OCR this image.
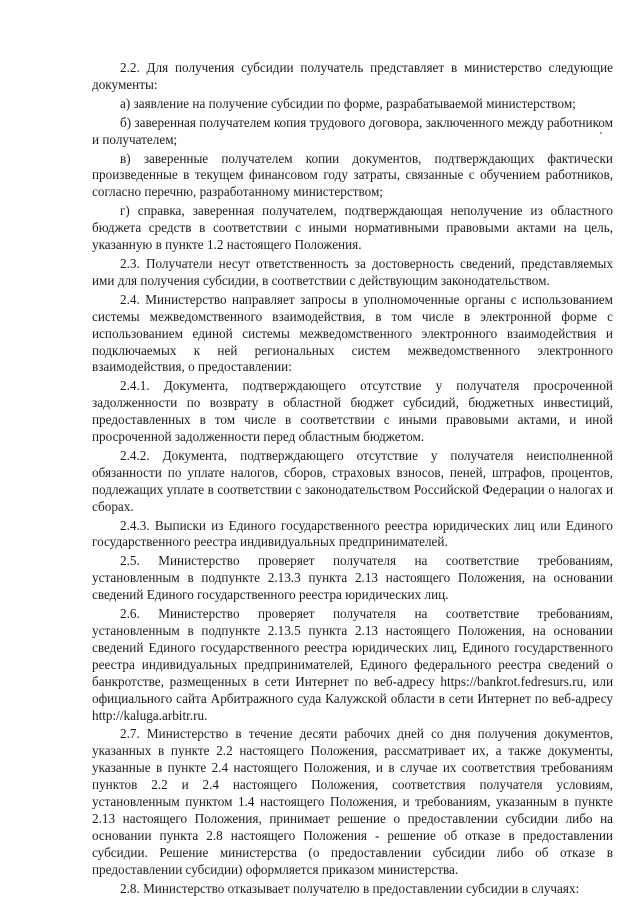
2.2. Для получения субсидии получатель представляет в министерство следующие документы:

а) заявление на получение субсидии по форме, разрабатываемой министерством;

б) заверенная получателем копия трудового договора, заключенного между работником и получателем;

в) заверенные получателем копии документов, подтверждающих фактически произведенные в текущем финансовом году затраты, связанные с обучением работников, согласно перечню, разработанному министерством;

г) справка, заверенная получателем, подтверждающая неполучение из областного бюджета средств в соответствии с иными нормативными правовыми актами на цель, указанную в пункте 1.2 настоящего Положения.

2.3. Получатели несут ответственность за достоверность сведений, представляемых ими для получения субсидии, в соответствии с действующим законодательством.

2.4. Министерство направляет запросы в уполномоченные органы с использованием системы межведомственного взаимодействия, в том числе в электронной форме с использованием единой системы межведомственного электронного взаимодействия и подключаемых к ней региональных систем межведомственного электронного взаимодействия, о предоставлении:

2.4.1. Документа, подтверждающего отсутствие у получателя просроченной задолженности по возврату в областной бюджет субсидий, бюджетных инвестиций, предоставленных в том числе в соответствии с иными правовыми актами, и иной просроченной задолженности перед областным бюджетом.

2.4.2. Документа, подтверждающего отсутствие у получателя неисполненной обязанности по уплате налогов, сборов, страховых взносов, пеней, штрафов, процентов, подлежащих уплате в соответствии с законодательством Российской Федерации о налогах и сборах.

2.4.3. Выписки из Единого государственного реестра юридических лиц или Единого государственного реестра индивидуальных предпринимателей.

2.5. Министерство проверяет получателя на соответствие требованиям, установленным в подпункте 2.13.3 пункта 2.13 настоящего Положения, на основании сведений Единого государственного реестра юридических лиц.

2.6. Министерство проверяет получателя на соответствие требованиям, установленным в подпункте 2.13.5 пункта 2.13 настоящего Положения, на основании сведений Единого государственного реестра юридических лиц, Единого государственного реестра индивидуальных предпринимателей, Единого федерального реестра сведений о банкротстве, размещенных в сети Интернет по веб-адресу https://bankrot.fedresurs.ru, или официального сайта Арбитражного суда Калужской области в сети Интернет по веб-адресу http://kaluga.arbitr.ru.

2.7. Министерство в течение десяти рабочих дней со дня получения документов, указанных в пункте 2.2 настоящего Положения, рассматривает их, а также документы, указанные в пункте 2.4 настоящего Положения, и в случае их соответствия требованиям пунктов 2.2 и 2.4 настоящего Положения, соответствия получателя условиям, установленным пунктом 1.4 настоящего Положения, и требованиям, указанным в пункте 2.13 настоящего Положения, принимает решение о предоставлении субсидии либо на основании пункта 2.8 настоящего Положения - решение об отказе в предоставлении субсидии. Решение министерства (о предоставлении субсидии либо об отказе в предоставлении субсидии) оформляется приказом министерства.

2.8. Министерство отказывает получателю в предоставлении субсидии в случаях:
